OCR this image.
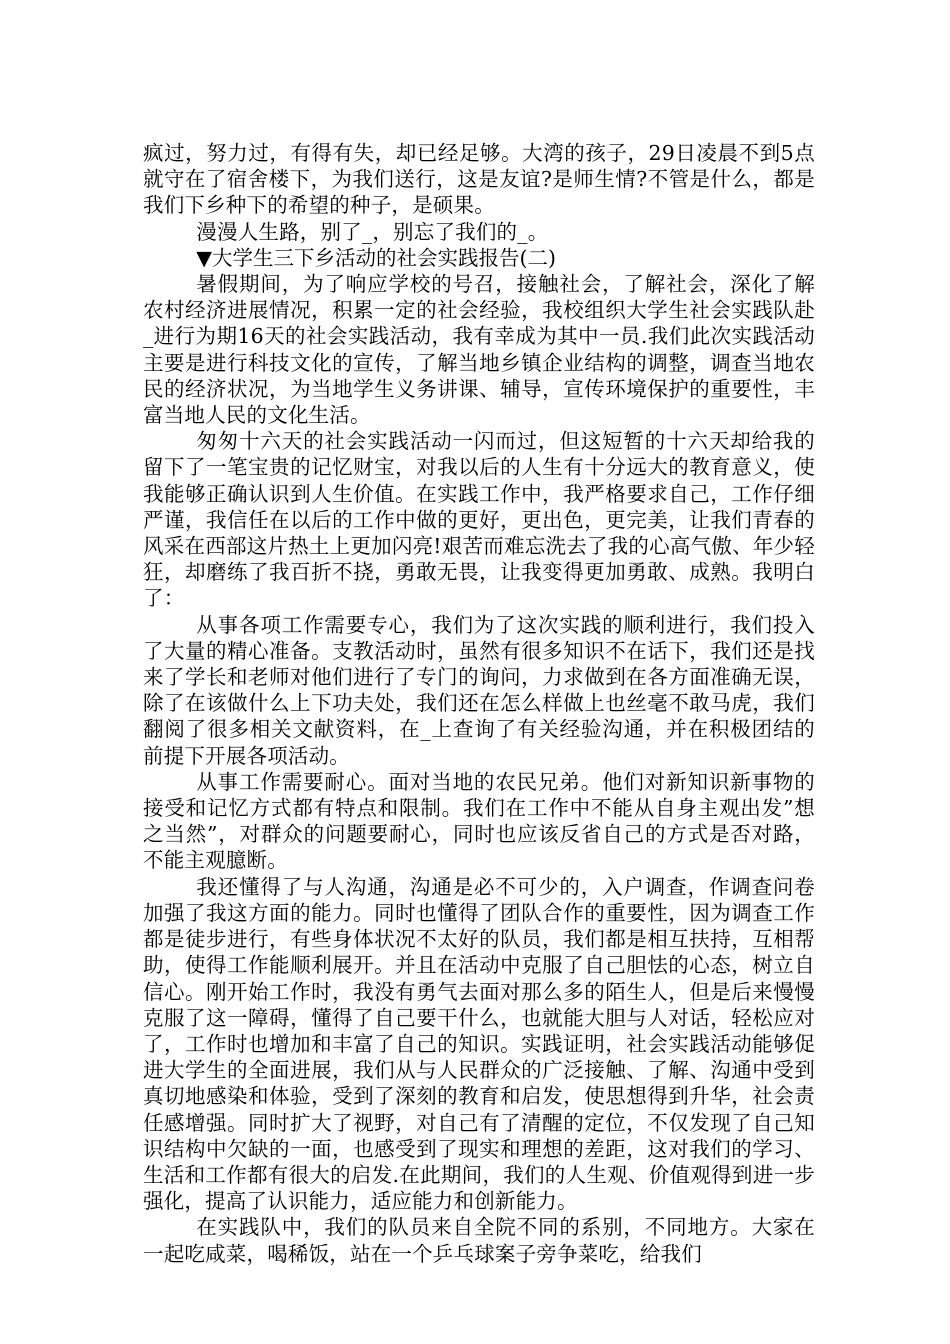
疯过，努力过，有得有失，却已经足够。大湾的孩子，29日凌晨不到5点就守在了宿舍楼下，为我们送行，这是友谊?是师生情?不管是什么，都是我们下乡种下的希望的种子，是硕果。

漫漫人生路，别了_，别忘了我们的_。

▼大学生三下乡活动的社会实践报告(二)

暑假期间，为了响应学校的号召，接触社会，了解社会，深化了解农村经济进展情况，积累一定的社会经验，我校组织大学生社会实践队赴_进行为期16天的社会实践活动，我有幸成为其中一员.我们此次实践活动主要是进行科技文化的宣传，了解当地乡镇企业结构的调整，调查当地农民的经济状况，为当地学生义务讲课、辅导，宣传环境保护的重要性，丰富当地人民的文化生活。

匆匆十六天的社会实践活动一闪而过，但这短暂的十六天却给我的留下了一笔宝贵的记忆财宝，对我以后的人生有十分远大的教育意义，使我能够正确认识到人生价值。在实践工作中，我严格要求自己，工作仔细严谨，我信任在以后的工作中做的更好，更出色，更完美，让我们青春的风采在西部这片热土上更加闪亮!艰苦而难忘洗去了我的心高气傲、年少轻狂，却磨练了我百折不挠，勇敢无畏，让我变得更加勇敢、成熟。我明白了：

从事各项工作需要专心，我们为了这次实践的顺利进行，我们投入了大量的精心准备。支教活动时，虽然有很多知识不在话下，我们还是找来了学长和老师对他们进行了专门的询问，力求做到在各方面准确无误，除了在该做什么上下功夫处，我们还在怎么样做上也丝毫不敢马虎，我们翻阅了很多相关文献资料，在_上查询了有关经验沟通，并在积极团结的前提下开展各项活动。

从事工作需要耐心。面对当地的农民兄弟。他们对新知识新事物的接受和记忆方式都有特点和限制。我们在工作中不能从自身主观出发”想之当然”，对群众的问题要耐心，同时也应该反省自己的方式是否对路，不能主观臆断。

我还懂得了与人沟通，沟通是必不可少的，入户调查，作调查问卷加强了我这方面的能力。同时也懂得了团队合作的重要性，因为调查工作都是徒步进行，有些身体状况不太好的队员，我们都是相互扶持，互相帮助，使得工作能顺利展开。并且在活动中克服了自己胆怯的心态，树立自信心。刚开始工作时，我没有勇气去面对那么多的陌生人，但是后来慢慢克服了这一障碍，懂得了自己要干什么，也就能大胆与人对话，轻松应对了，工作时也增加和丰富了自己的知识。实践证明，社会实践活动能够促进大学生的全面进展，我们从与人民群众的广泛接触、了解、沟通中受到真切地感染和体验，受到了深刻的教育和启发，使思想得到升华，社会责任感增强。同时扩大了视野，对自己有了清醒的定位，不仅发现了自己知识结构中欠缺的一面，也感受到了现实和理想的差距，这对我们的学习、生活和工作都有很大的启发.在此期间，我们的人生观、价值观得到进一步强化，提高了认识能力，适应能力和创新能力。

在实践队中，我们的队员来自全院不同的系别，不同地方。大家在一起吃咸菜，喝稀饭，站在一个乒乓球案子旁争菜吃，给我们
